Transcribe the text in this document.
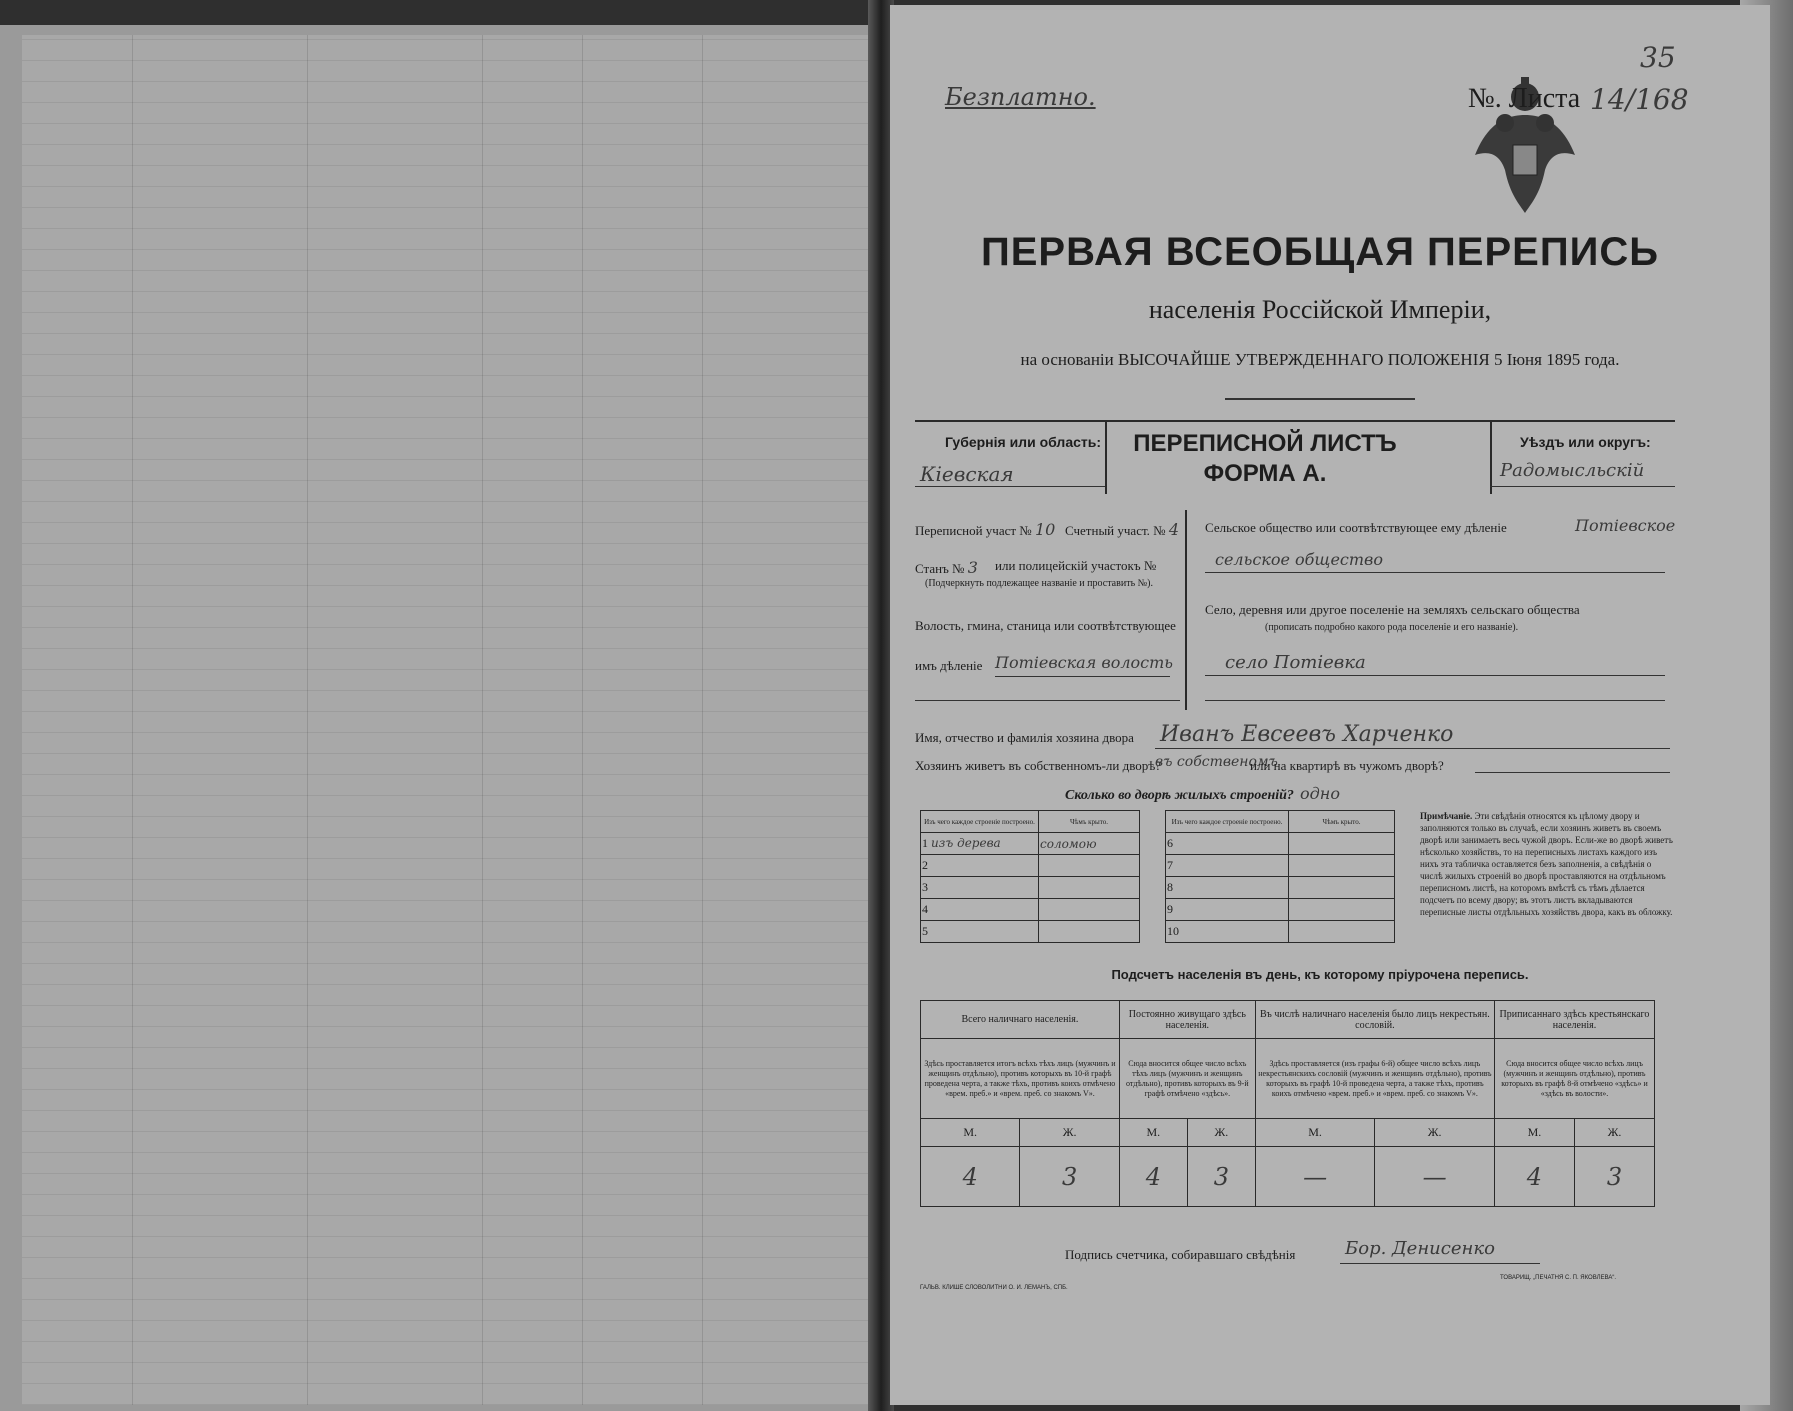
Безплатно.	№. Листа 14/168
35
ПЕРВАЯ ВСЕОБЩАЯ ПЕРЕПИСЬ
населенія Россійской Имперіи,
на основаніи ВЫСОЧАЙШЕ УТВЕРЖДЕННАГО ПОЛОЖЕНІЯ 5 Іюня 1895 года.
Губернія или область:
Кіевская
ПЕРЕПИСНОЙ ЛИСТЪ
ФОРМА А.
Уѣздъ или округъ:
Радомысльскій
Переписной участ № 10 Счетный участ. № 4
Станъ № 3 или полицейскій участокъ №
(Подчеркнуть подлежащее названіе и проставить №).
Волость, гмина, станица или соотвѣтствующее
имъ дѣленіе Потіевская волость
Сельское общество или соотвѣтствующее ему дѣленіе	Потіевское
сельское общество
Село, деревня или другое поселеніе на земляхъ сельскаго общества
(прописать подробно какого рода поселеніе и его названіе).
село Потіевка
Имя, отчество и фамилія хозяина двора Иванъ Евсеевъ Харченко
Хозяинъ живетъ въ собственномъ-ли дворѣ?
въ собственомъ
или на квартирѣ въ чужомъ дворѣ?
Сколько во дворѣ жилыхъ строеній? одно
Изъ чего каждое строеніе построено.	Чѣмъ крыто.
1 изъ дерева	соломою
2	
3	
4	
5	
Изъ чего каждое строеніе построено.	Чѣмъ крыто.
6	
7	
8	
9	
10	
Примѣчаніе. Эти свѣдѣнія относятся къ цѣлому двору и заполняются только въ случаѣ, если хозяинъ живетъ въ своемъ дворѣ или занимаетъ весь чужой дворъ. Если-же во дворѣ живетъ нѣсколько хозяйствъ, то на переписныхъ листахъ каждого изъ нихъ эта табличка оставляется безъ заполненія, а свѣдѣнія о числѣ жилыхъ строеній во дворѣ проставляются на отдѣльномъ переписномъ листѣ, на которомъ вмѣстѣ съ тѣмъ дѣлается подсчетъ по всему двору; въ этотъ листъ вкладываются переписные листы отдѣльныхъ хозяйствъ двора, какъ въ обложку.
Подсчетъ населенія въ день, къ которому пріурочена перепись.
Всего наличнаго населенія.		Постоянно живущаго здѣсь населенія.		Въ числѣ наличнаго населенія было лицъ некрестьян. сословій.		Приписаннаго здѣсь крестьянскаго населенія.	
Здѣсь проставляется итогъ всѣхъ тѣхъ лицъ (мужчинъ и женщинъ отдѣльно), противъ которыхъ въ 10-й графѣ проведена черта, а также тѣхъ, противъ коихъ отмѣчено «врем. преб.» и «врем. преб. со знакомъ V».		Сюда вносится общее число всѣхъ тѣхъ лицъ (мужчинъ и женщинъ отдѣльно), противъ которыхъ въ 9-й графѣ отмѣчено «здѣсь».		Здѣсь проставляется (изъ графы 6-й) общее число всѣхъ лицъ некрестьянскихъ сословій (мужчинъ и женщинъ отдѣльно), противъ которыхъ въ графѣ 10-й проведена черта, а также тѣхъ, противъ коихъ отмѣчено «врем. преб.» и «врем. преб. со знакомъ V».		Сюда вносится общее число всѣхъ лицъ (мужчинъ и женщинъ отдѣльно), противъ которыхъ въ графѣ 8-й отмѣчено «здѣсь» и «здѣсь въ волости».	
М.	Ж.	М.	Ж.	М.	Ж.	М.	Ж.
4	3	4	3	—	—	4	3
Подпись счетчика, собиравшаго свѣдѣнія	Бор. Денисенко
ГАЛЬВ. КЛИШЕ СЛОВОЛИТНИ О. И. ЛЕМАНЪ, СПБ.
ТОВАРИЩ. „ПЕЧАТНЯ С. П. ЯКОВЛЕВА“.
